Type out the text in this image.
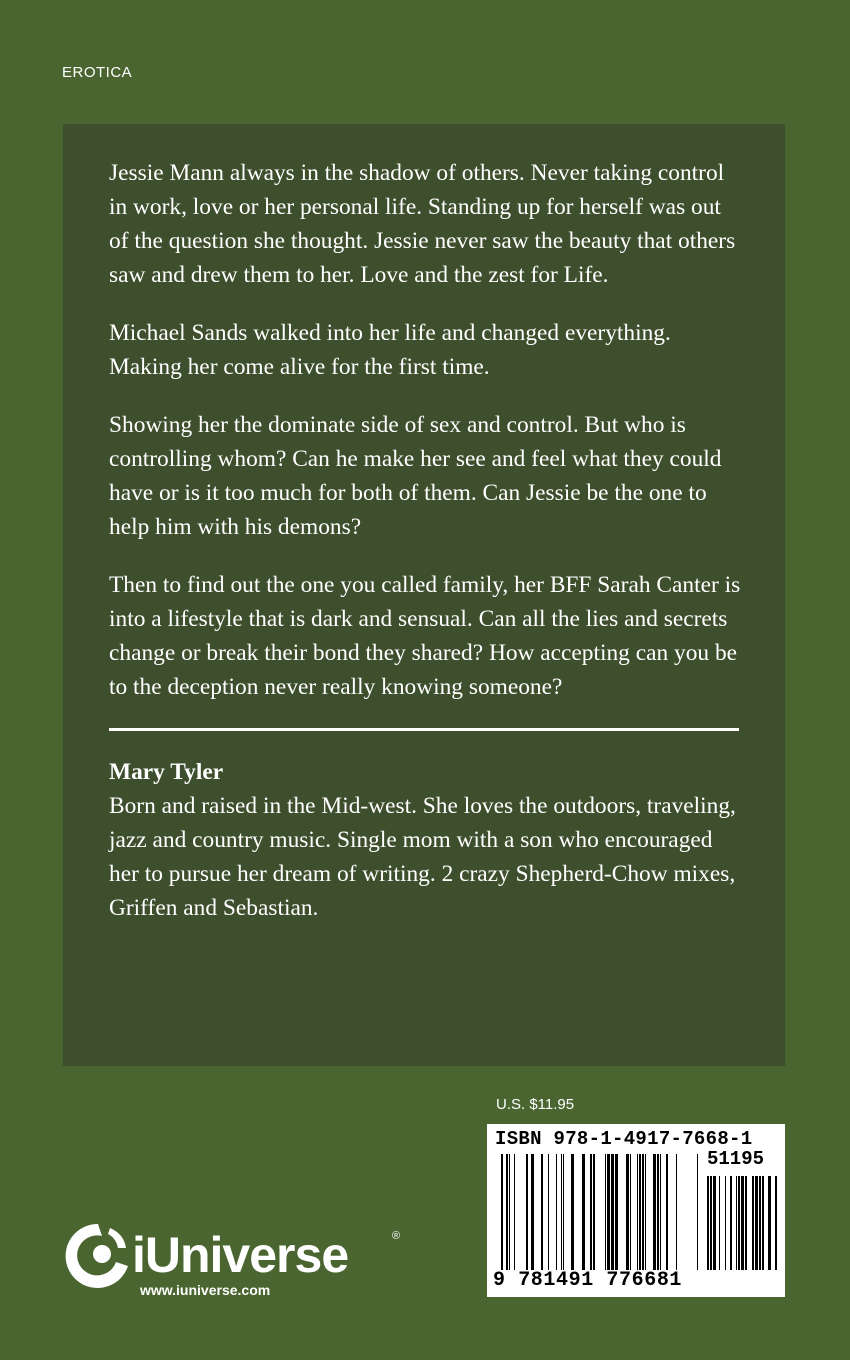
EROTICA

Jessie Mann always in the shadow of others. Never taking control in work, love or her personal life. Standing up for herself was out of the question she thought. Jessie never saw the beauty that others saw and drew them to her. Love and the zest for Life.

Michael Sands walked into her life and changed everything. Making her come alive for the first time.

Showing her the dominate side of sex and control. But who is controlling whom? Can he make her see and feel what they could have or is it too much for both of them. Can Jessie be the one to help him with his demons?

Then to find out the one you called family, her BFF Sarah Canter is into a lifestyle that is dark and sensual. Can all the lies and secrets change or break their bond they shared? How accepting can you be to the deception never really knowing someone?

Mary Tyler

Born and raised in the Mid-west. She loves the outdoors, traveling, jazz and country music. Single mom with a son who encouraged her to pursue her dream of writing. 2 crazy Shepherd-Chow mixes, Griffen and Sebastian.

U.S. $11.95
ISBN 978-1-4917-7668-1
51195
9 781491 776681
iUniverse	®
www.iuniverse.com
